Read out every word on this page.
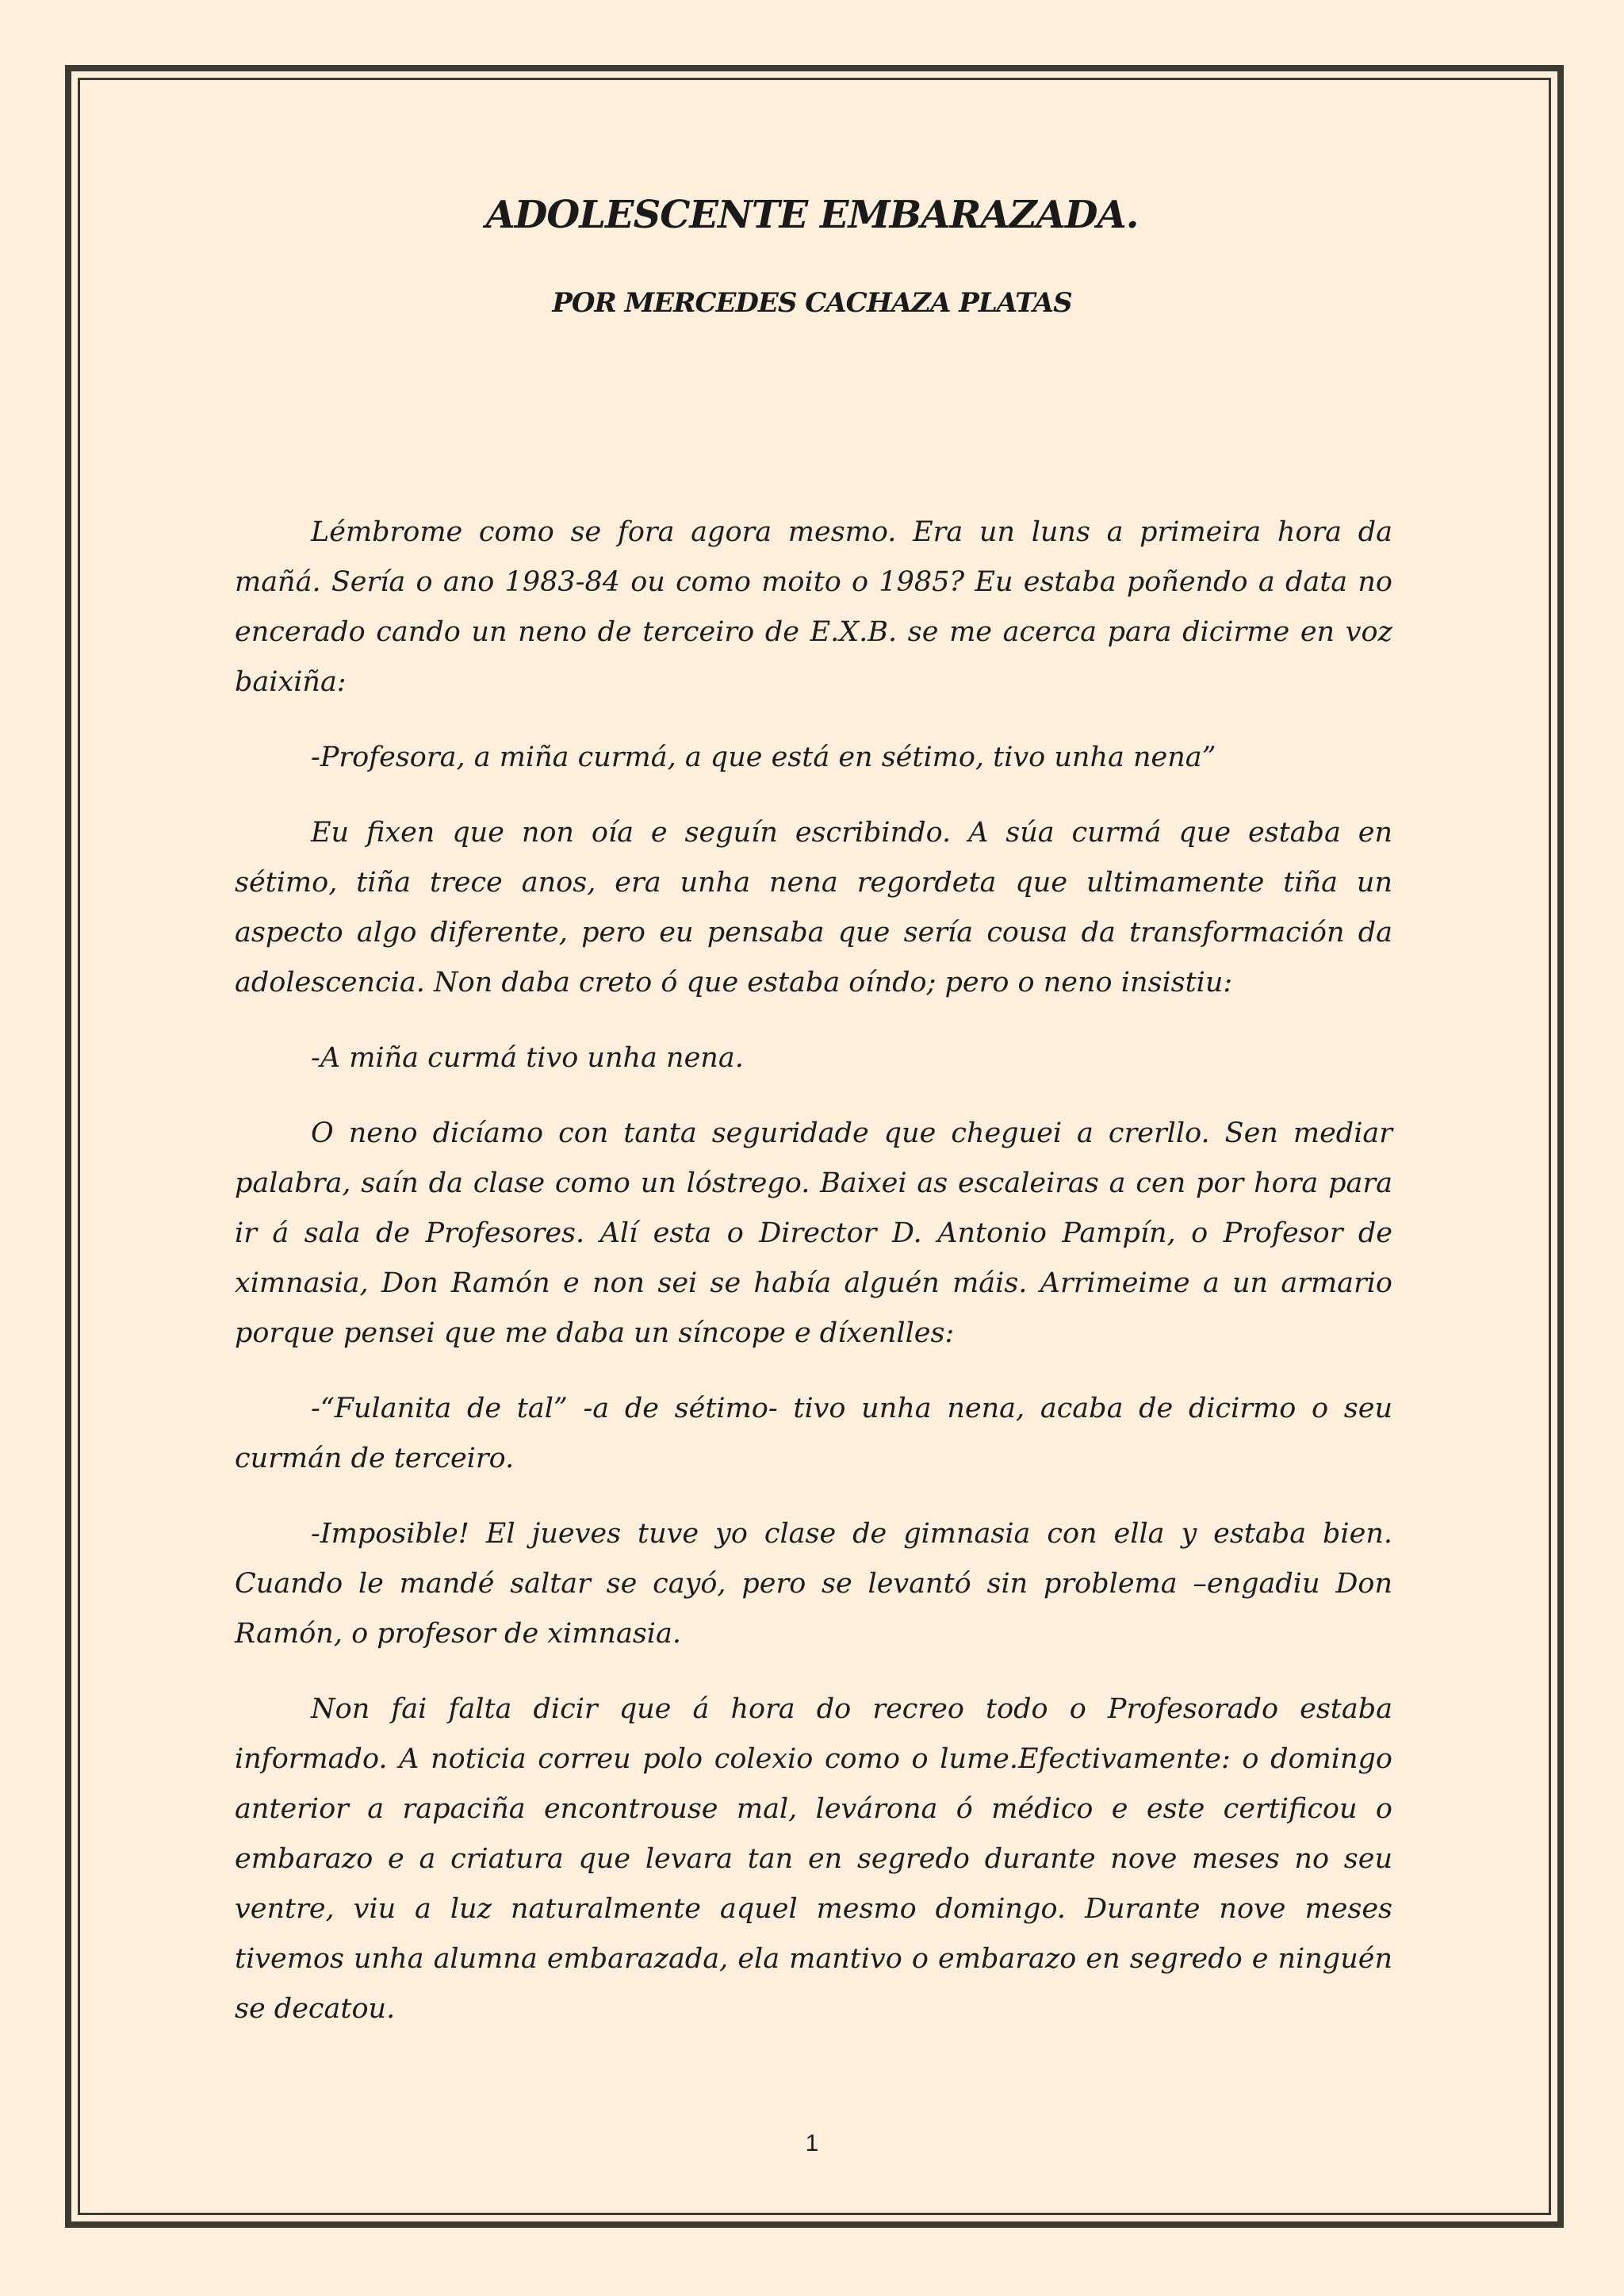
ADOLESCENTE EMBARAZADA.
POR MERCEDES CACHAZA PLATAS

Lémbrome como se fora agora mesmo. Era un luns a primeira hora da mañá. Sería o ano 1983-84 ou como moito o 1985? Eu estaba poñendo a data no encerado cando un neno de terceiro de E.X.B. se me acerca para dicirme en voz baixiña:

-Profesora, a miña curmá, a que está en sétimo, tivo unha nena”

Eu fixen que non oía e seguín escribindo. A súa curmá que estaba en sétimo, tiña trece anos, era unha nena regordeta que ultimamente tiña un aspecto algo diferente, pero eu pensaba que sería cousa da transformación da adolescencia. Non daba creto ó que estaba oíndo; pero o neno insistiu:

-A miña curmá tivo unha nena.

O neno dicíamo con tanta seguridade que cheguei a crerllo. Sen mediar palabra, saín da clase como un lóstrego. Baixei as escaleiras a cen por hora para ir á sala de Profesores. Alí esta o Director D. Antonio Pampín, o Profesor de ximnasia, Don Ramón e non sei se había alguén máis. Arrimeime a un armario porque pensei que me daba un síncope e díxenlles:

-“Fulanita de tal” -a de sétimo- tivo unha nena, acaba de dicirmo o seu curmán de terceiro.

-Imposible! El jueves tuve yo clase de gimnasia con ella y estaba bien. Cuando le mandé saltar se cayó, pero se levantó sin problema –engadiu Don Ramón, o profesor de ximnasia.

Non fai falta dicir que á hora do recreo todo o Profesorado estaba informado. A noticia correu polo colexio como o lume.Efectivamente: o domingo anterior a rapaciña encontrouse mal, levárona ó médico e este certificou o embarazo e a criatura que levara tan en segredo durante nove meses no seu ventre, viu a luz naturalmente aquel mesmo domingo. Durante nove meses tivemos unha alumna embarazada, ela mantivo o embarazo en segredo e ninguén se decatou.

1
